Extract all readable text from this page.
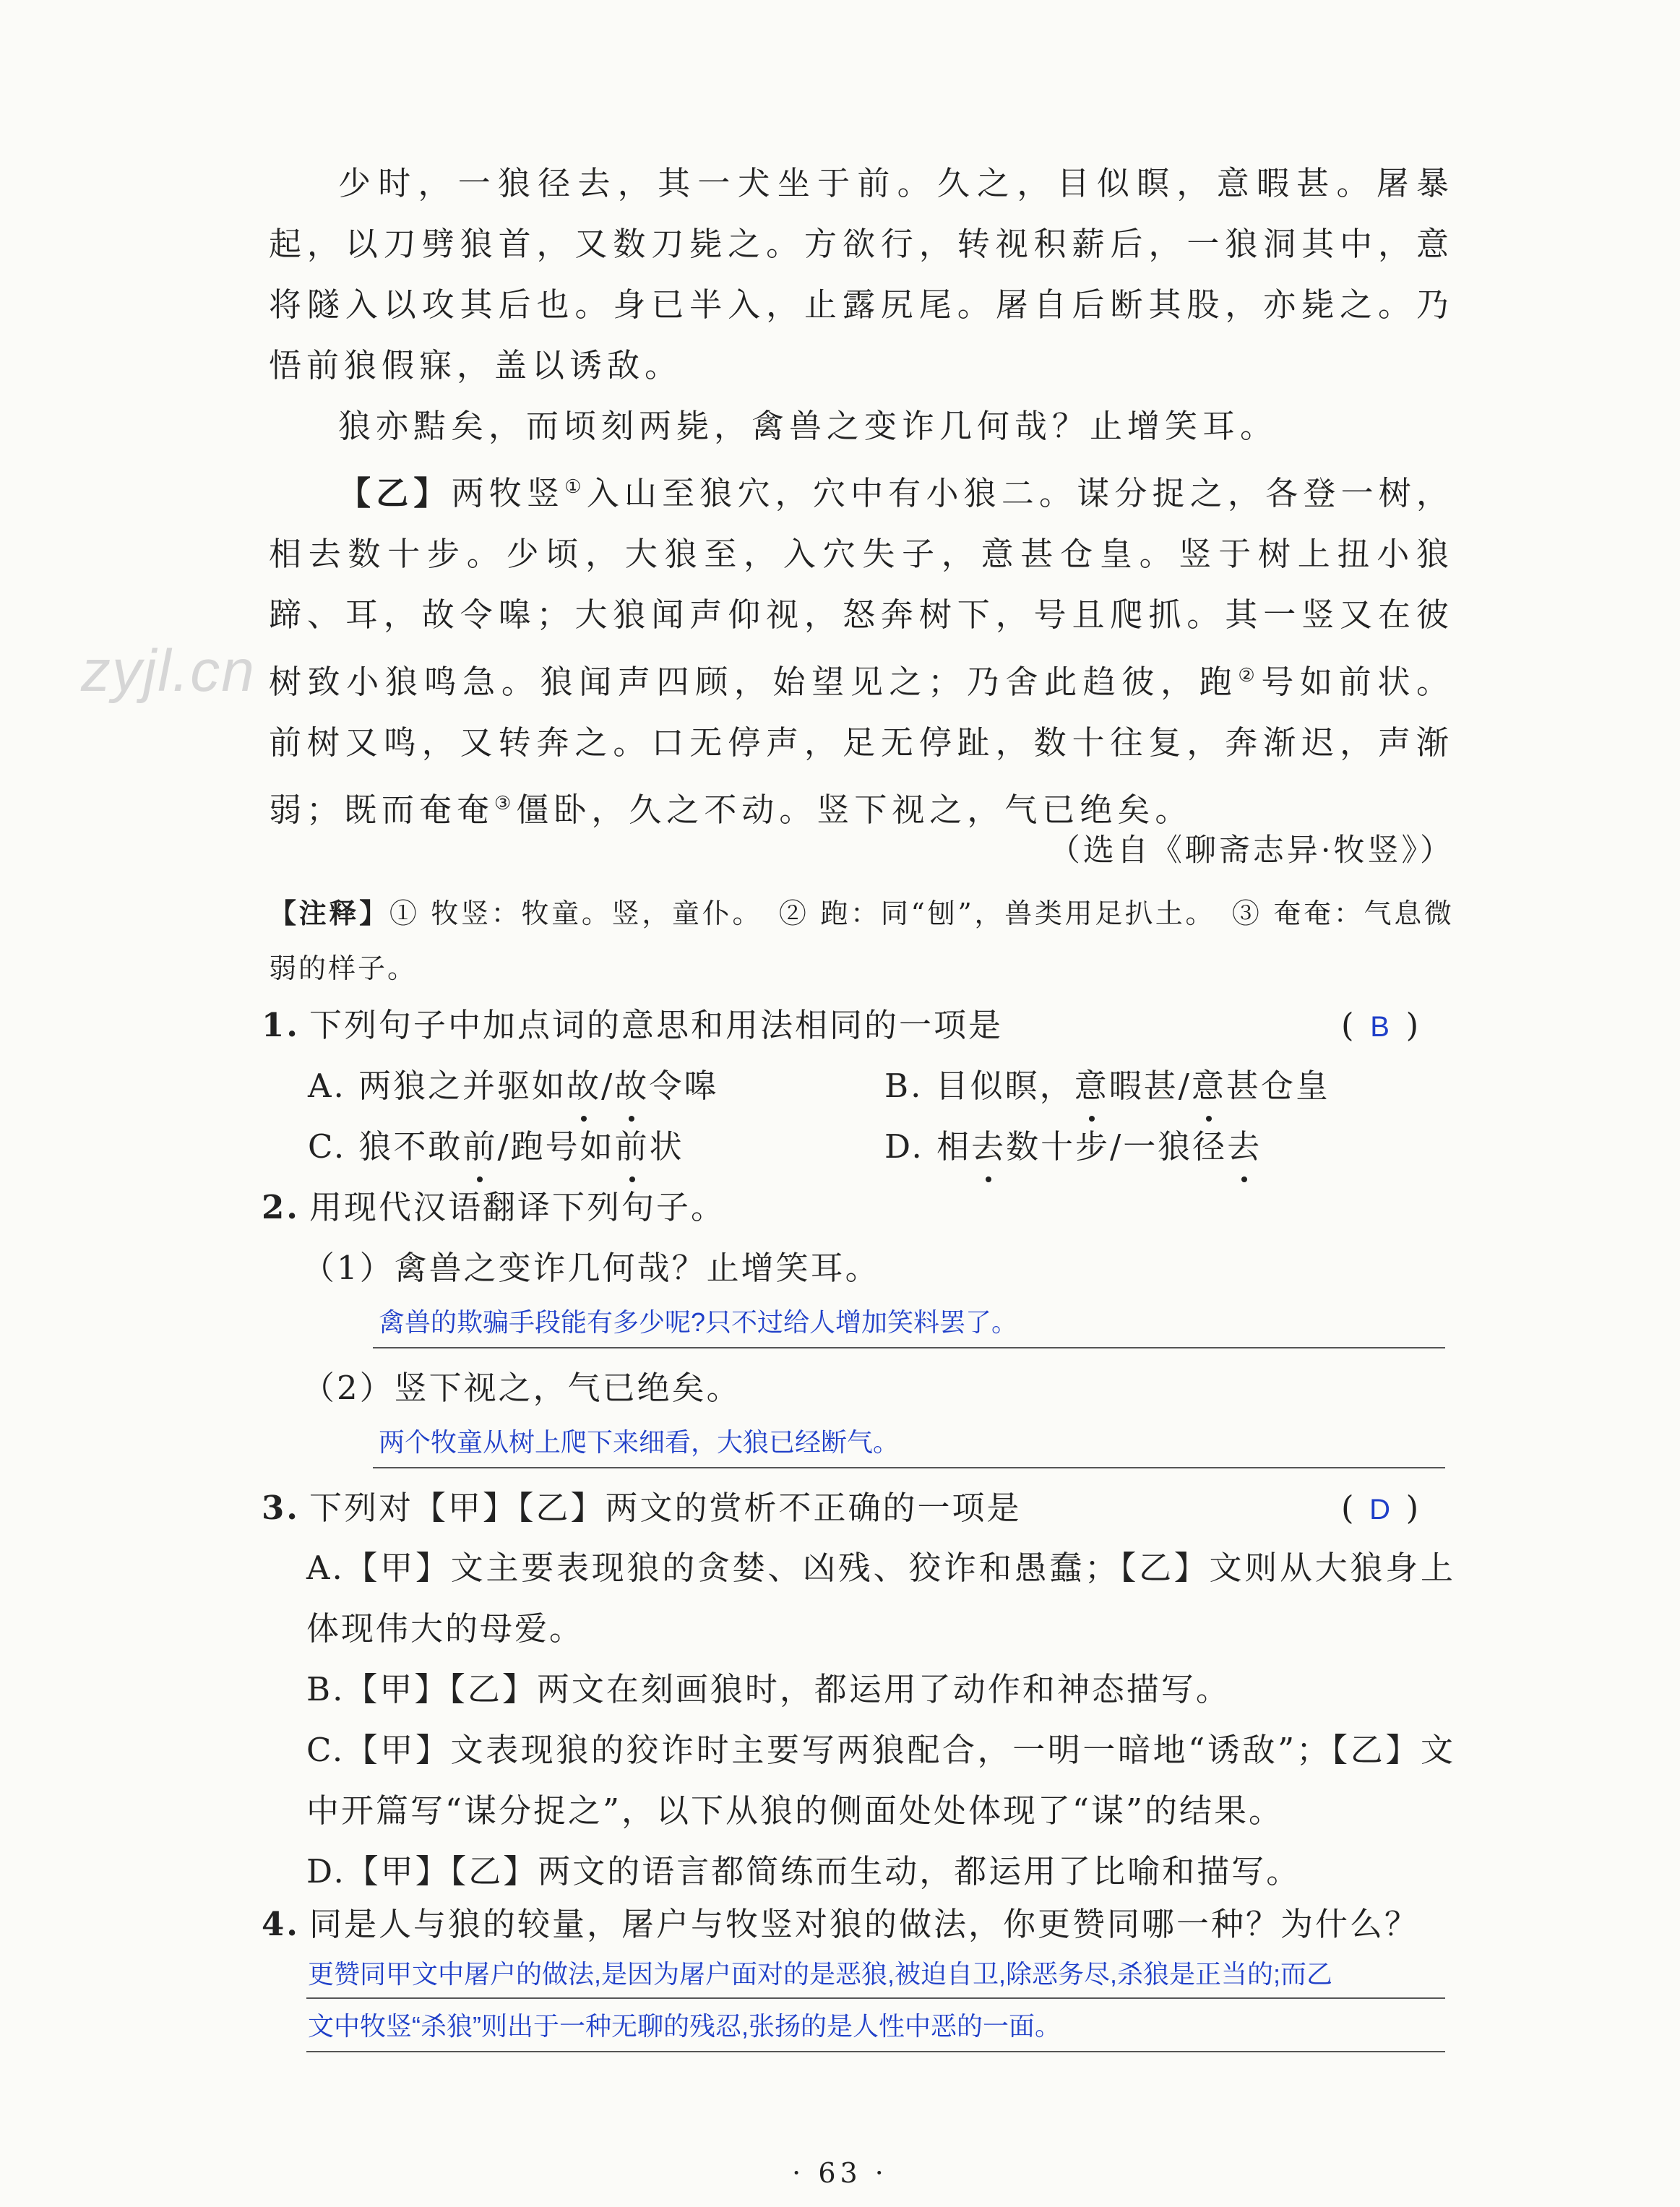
zyjl.cn

少时，一狼径去，其一犬坐于前。久之，目似瞑，意暇甚。屠暴起，以刀劈狼首，又数刀毙之。方欲行，转视积薪后，一狼洞其中，意将隧入以攻其后也。身已半入，止露尻尾。屠自后断其股，亦毙之。乃悟前狼假寐，盖以诱敌。

狼亦黠矣，而顷刻两毙，禽兽之变诈几何哉？止增笑耳。

【乙】两牧竖①入山至狼穴，穴中有小狼二。谋分捉之，各登一树，相去数十步。少顷，大狼至，入穴失子，意甚仓皇。竖于树上扭小狼蹄、耳，故令嗥；大狼闻声仰视，怒奔树下，号且爬抓。其一竖又在彼树致小狼鸣急。狼闻声四顾，始望见之；乃舍此趋彼，跑②号如前状。前树又鸣，又转奔之。口无停声，足无停趾，数十往复，奔渐迟，声渐弱；既而奄奄③僵卧，久之不动。竖下视之，气已绝矣。

（选自《聊斋志异·牧竖》）
【注释】① 牧竖：牧童。竖，童仆。　② 跑：同“刨”，兽类用足扒土。　③ 奄奄：气息微弱的样子。
1. 下列句子中加点词的意思和用法相同的一项是	( B )
A. 两狼之并驱如故/故令嗥	B. 目似瞑，意暇甚/意甚仓皇
C. 狼不敢前/跑号如前状	D. 相去数十步/一狼径去
2. 用现代汉语翻译下列句子。
（1）禽兽之变诈几何哉？止增笑耳。
禽兽的欺骗手段能有多少呢?只不过给人增加笑料罢了。
（2）竖下视之，气已绝矣。
两个牧童从树上爬下来细看，大狼已经断气。
3. 下列对【甲】【乙】两文的赏析不正确的一项是	( D )
A.【甲】文主要表现狼的贪婪、凶残、狡诈和愚蠢；【乙】文则从大狼身上体现伟大的母爱。
B.【甲】【乙】两文在刻画狼时，都运用了动作和神态描写。
C.【甲】文表现狼的狡诈时主要写两狼配合，一明一暗地“诱敌”；【乙】文中开篇写“谋分捉之”，以下从狼的侧面处处体现了“谋”的结果。
D.【甲】【乙】两文的语言都简练而生动，都运用了比喻和描写。
4. 同是人与狼的较量，屠户与牧竖对狼的做法，你更赞同哪一种？为什么？
更赞同甲文中屠户的做法,是因为屠户面对的是恶狼,被迫自卫,除恶务尽,杀狼是正当的;而乙
文中牧竖“杀狼”则出于一种无聊的残忍,张扬的是人性中恶的一面。
· 63 ·
